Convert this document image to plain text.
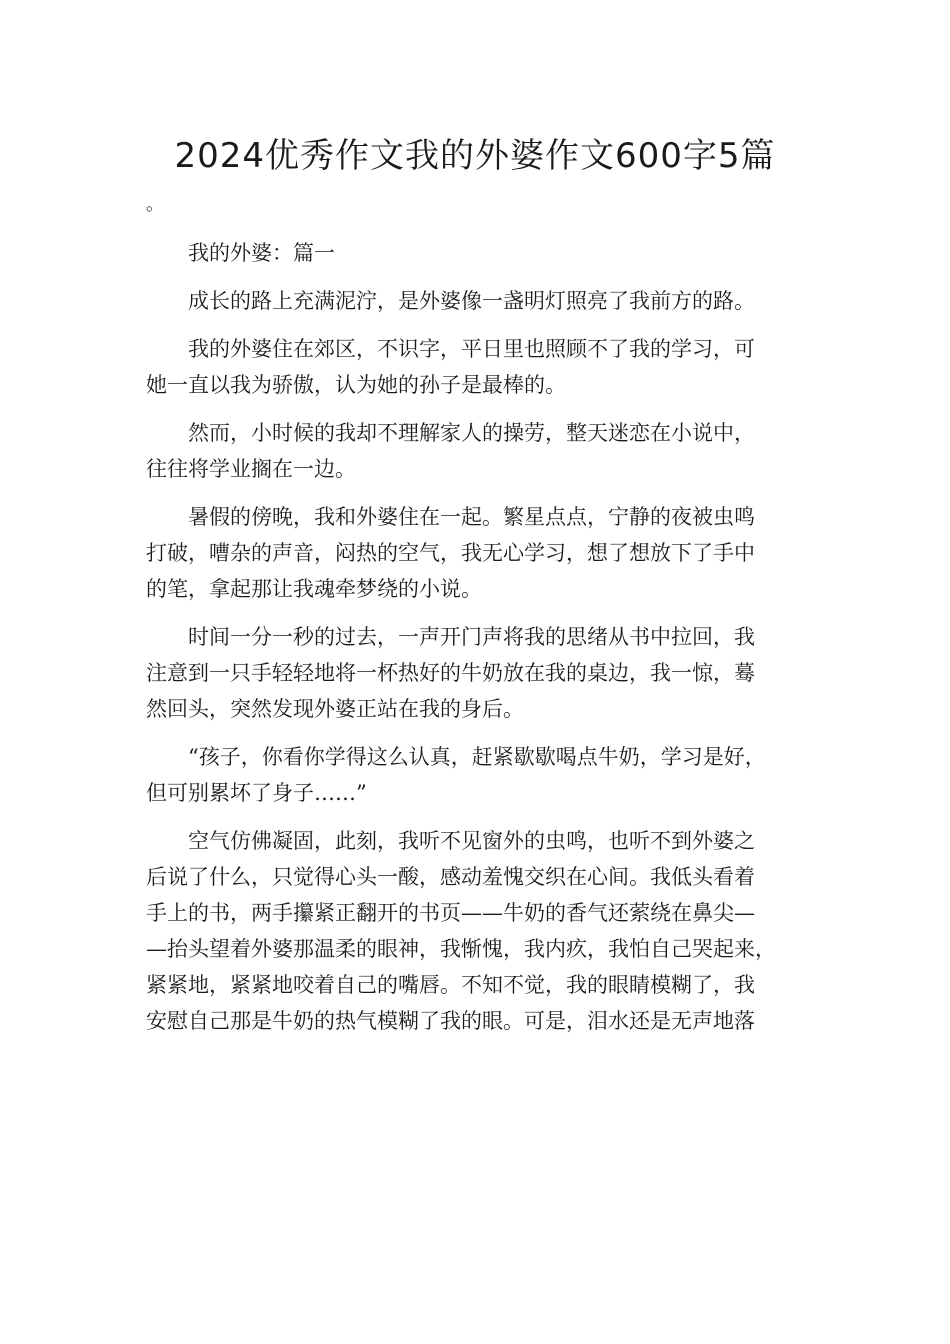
2024优秀作文我的外婆作文600字5篇
。

我的外婆：篇一

成长的路上充满泥泞，是外婆像一盏明灯照亮了我前方的路。

我的外婆住在郊区，不识字，平日里也照顾不了我的学习，可
她一直以我为骄傲，认为她的孙子是最棒的。

然而，小时候的我却不理解家人的操劳，整天迷恋在小说中，
往往将学业搁在一边。

暑假的傍晚，我和外婆住在一起。繁星点点，宁静的夜被虫鸣
打破，嘈杂的声音，闷热的空气，我无心学习，想了想放下了手中
的笔，拿起那让我魂牵梦绕的小说。

时间一分一秒的过去，一声开门声将我的思绪从书中拉回，我
注意到一只手轻轻地将一杯热好的牛奶放在我的桌边，我一惊，蓦
然回头，突然发现外婆正站在我的身后。

“孩子，你看你学得这么认真，赶紧歇歇喝点牛奶，学习是好，
但可别累坏了身子……”

空气仿佛凝固，此刻，我听不见窗外的虫鸣，也听不到外婆之
后说了什么，只觉得心头一酸，感动羞愧交织在心间。我低头看着
手上的书，两手攥紧正翻开的书页——牛奶的香气还萦绕在鼻尖—
—抬头望着外婆那温柔的眼神，我惭愧，我内疚，我怕自己哭起来，
紧紧地，紧紧地咬着自己的嘴唇。不知不觉，我的眼睛模糊了，我
安慰自己那是牛奶的热气模糊了我的眼。可是，泪水还是无声地落
